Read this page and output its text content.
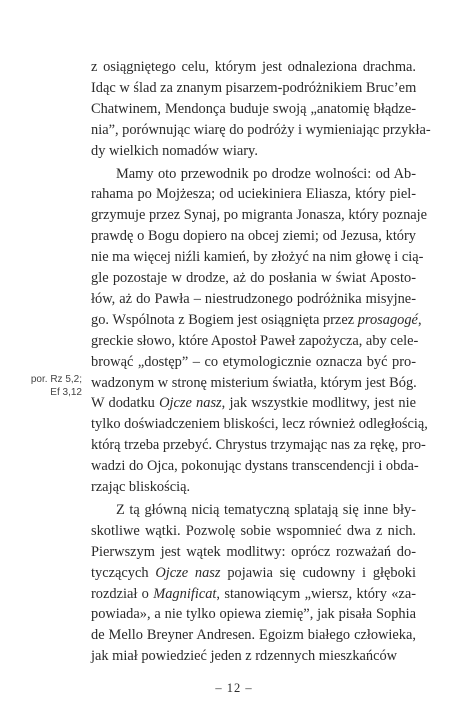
z osiągniętego celu, którym jest odnaleziona drachma.
Idąc w ślad za znanym pisarzem-podróżnikiem Bruc’em
Chatwinem, Mendonça buduje swoją „anatomię błądze-
nia”, porównując wiarę do podróży i wymieniając przykła-
dy wielkich nomadów wiary.
Mamy oto przewodnik po drodze wolności: od Ab-
rahama po Mojżesza; od uciekiniera Eliasza, który piel-
grzymuje przez Synaj, po migranta Jonasza, który poznaje
prawdę o Bogu dopiero na obcej ziemi; od Jezusa, który
nie ma więcej niźli kamień, by złożyć na nim głowę i cią-
gle pozostaje w drodze, aż do posłania w świat Aposto-
łów, aż do Pawła – niestrudzonego podróżnika misyjne-
go. Wspólnota z Bogiem jest osiągnięta przez prosagogé,
greckie słowo, które Apostoł Paweł zapożycza, aby cele-
browąć „dostęp” – co etymologicznie oznacza być pro-
wadzonym w stronę misterium światła, którym jest Bóg.
por. Rz 5,2;
Ef 3,12
W dodatku Ojcze nasz, jak wszystkie modlitwy, jest nie
tylko doświadczeniem bliskości, lecz również odległością,
którą trzeba przebyć. Chrystus trzymając nas za rękę, pro-
wadzi do Ojca, pokonując dystans transcendencji i obda-
rzając bliskością.
Z tą główną nicią tematyczną splatają się inne bły-
skotliwe wątki. Pozwolę sobie wspomnieć dwa z nich.
Pierwszym jest wątek modlitwy: oprócz rozważań do-
tyczących Ojcze nasz pojawia się cudowny i głęboki
rozdział o Magnificat, stanowiącym „wiersz, który «za-
powiada», a nie tylko opiewa ziemię”, jak pisała Sophia
de Mello Breyner Andresen. Egoizm białego człowieka,
jak miał powiedzieć jeden z rdzennych mieszkańców
– 12 –
